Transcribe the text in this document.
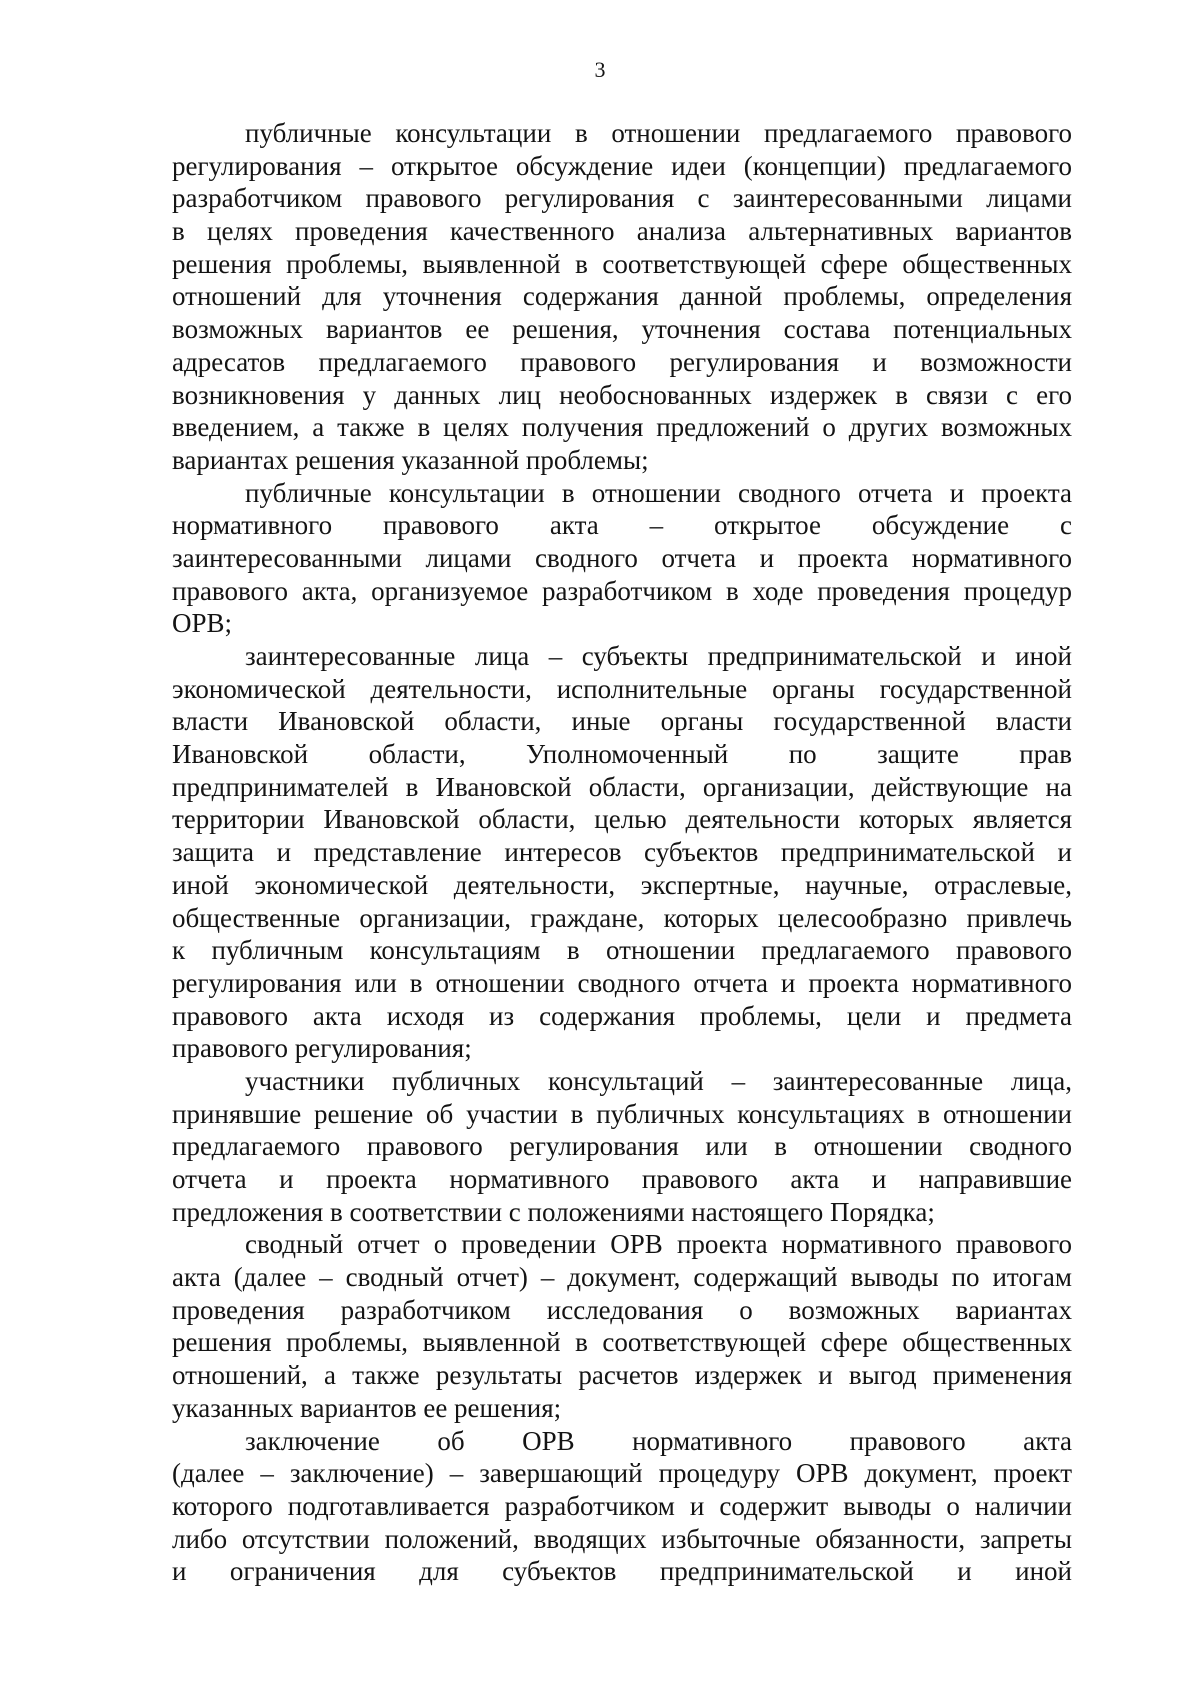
3
публичные консультации в отношении предлагаемого правового
регулирования – открытое обсуждение идеи (концепции) предлагаемого
разработчиком правового регулирования с заинтересованными лицами
в целях проведения качественного анализа альтернативных вариантов
решения проблемы, выявленной в соответствующей сфере общественных
отношений для уточнения содержания данной проблемы, определения
возможных вариантов ее решения, уточнения состава потенциальных
адресатов предлагаемого правового регулирования и возможности
возникновения у данных лиц необоснованных издержек в связи с его
введением, а также в целях получения предложений о других возможных
вариантах решения указанной проблемы;
публичные консультации в отношении сводного отчета и проекта
нормативного правового акта – открытое обсуждение с
заинтересованными лицами сводного отчета и проекта нормативного
правового акта, организуемое разработчиком в ходе проведения процедур
ОРВ;
заинтересованные лица – субъекты предпринимательской и иной
экономической деятельности, исполнительные органы государственной
власти Ивановской области, иные органы государственной власти
Ивановской области, Уполномоченный по защите прав
предпринимателей в Ивановской области, организации, действующие на
территории Ивановской области, целью деятельности которых является
защита и представление интересов субъектов предпринимательской и
иной экономической деятельности, экспертные, научные, отраслевые,
общественные организации, граждане, которых целесообразно привлечь
к публичным консультациям в отношении предлагаемого правового
регулирования или в отношении сводного отчета и проекта нормативного
правового акта исходя из содержания проблемы, цели и предмета
правового регулирования;
участники публичных консультаций – заинтересованные лица,
принявшие решение об участии в публичных консультациях в отношении
предлагаемого правового регулирования или в отношении сводного
отчета и проекта нормативного правового акта и направившие
предложения в соответствии с положениями настоящего Порядка;
сводный отчет о проведении ОРВ проекта нормативного правового
акта (далее – сводный отчет) – документ, содержащий выводы по итогам
проведения разработчиком исследования о возможных вариантах
решения проблемы, выявленной в соответствующей сфере общественных
отношений, а также результаты расчетов издержек и выгод применения
указанных вариантов ее решения;
заключение об ОРВ нормативного правового акта
(далее – заключение) – завершающий процедуру ОРВ документ, проект
которого подготавливается разработчиком и содержит выводы о наличии
либо отсутствии положений, вводящих избыточные обязанности, запреты
и ограничения для субъектов предпринимательской и иной
